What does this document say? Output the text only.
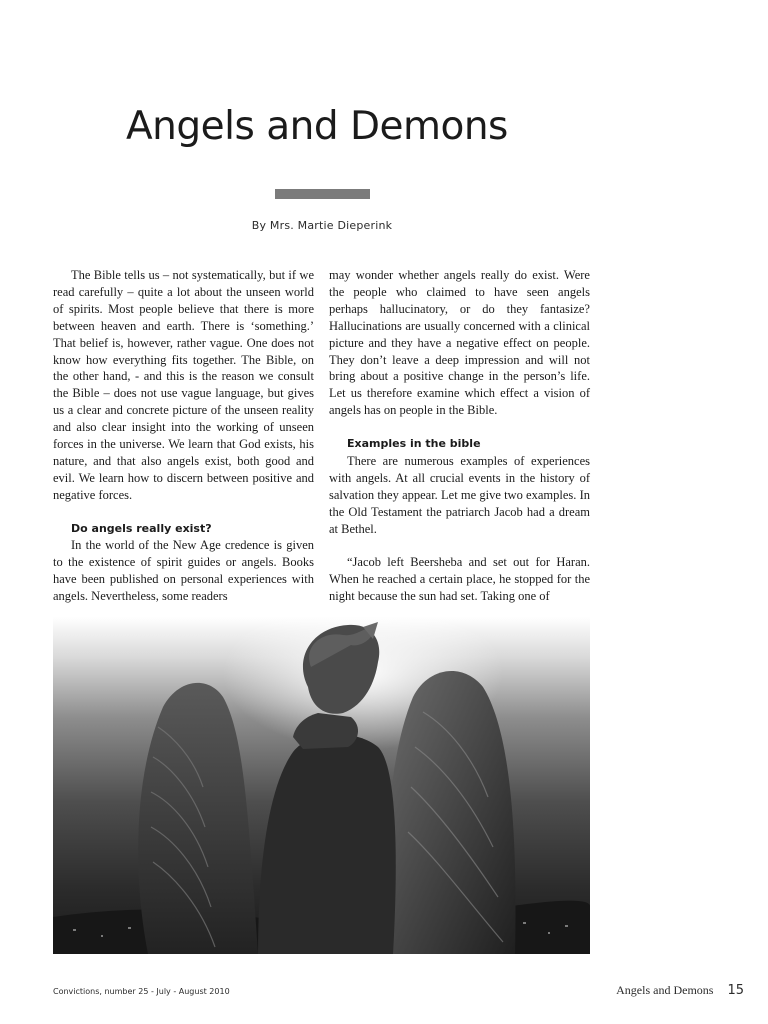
Angels and Demons
By Mrs. Martie Dieperink

The Bible tells us – not systematically, but if we read carefully – quite a lot about the unseen world of spirits. Most people believe that there is more between heaven and earth. There is ‘something.’ That belief is, however, rather vague. One does not know how everything fits together. The Bible, on the other hand, - and this is the reason we consult the Bible – does not use vague language, but gives us a clear and concrete picture of the unseen reality and also clear insight into the working of unseen forces in the universe. We learn that God exists, his nature, and that also angels exist, both good and evil. We learn how to discern between positive and negative forces.

Do angels really exist?

In the world of the New Age credence is given to the existence of spirit guides or angels. Books have been published on personal experiences with angels. Nevertheless, some readers

may wonder whether angels really do exist. Were the people who claimed to have seen angels perhaps hallucinatory, or do they fantasize? Hallucinations are usually concerned with a clinical picture and they have a negative effect on people. They don’t leave a deep impression and will not bring about a positive change in the person’s life. Let us therefore examine which effect a vision of angels has on people in the Bible.

Examples in the bible

There are numerous examples of experiences with angels. At all crucial events in the history of salvation they appear. Let me give two examples. In the Old Testament the patriarch Jacob had a dream at Bethel.

“Jacob left Beersheba and set out for Haran. When he reached a certain place, he stopped for the night because the sun had set. Taking one of

Convictions, number 25 - July - August 2010	Angels and Demons 15
